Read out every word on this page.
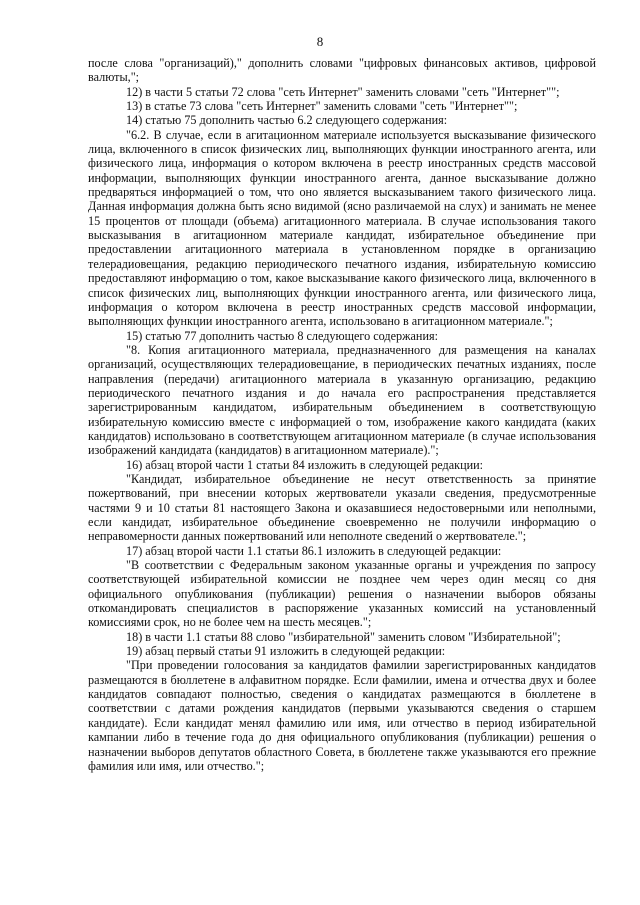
8

после слова "организаций)," дополнить словами "цифровых финансовых активов, цифровой валюты,";

12) в части 5 статьи 72 слова "сеть Интернет" заменить словами "сеть "Интернет"";

13) в статье 73 слова "сеть Интернет" заменить словами "сеть "Интернет"";

14) статью 75 дополнить частью 6.2 следующего содержания:

"6.2. В случае, если в агитационном материале используется высказывание физического лица, включенного в список физических лиц, выполняющих функции иностранного агента, или физического лица, информация о котором включена в реестр иностранных средств массовой информации, выполняющих функции иностранного агента, данное высказывание должно предваряться информацией о том, что оно является высказыванием такого физического лица. Данная информация должна быть ясно видимой (ясно различаемой на слух) и занимать не менее 15 процентов от площади (объема) агитационного материала. В случае использования такого высказывания в агитационном материале кандидат, избирательное объединение при предоставлении агитационного материала в установленном порядке в организацию телерадиовещания, редакцию периодического печатного издания, избирательную комиссию предоставляют информацию о том, какое высказывание какого физического лица, включенного в список физических лиц, выполняющих функции иностранного агента, или физического лица, информация о котором включена в реестр иностранных средств массовой информации, выполняющих функции иностранного агента, использовано в агитационном материале.";

15) статью 77 дополнить частью 8 следующего содержания:

"8. Копия агитационного материала, предназначенного для размещения на каналах организаций, осуществляющих телерадиовещание, в периодических печатных изданиях, после направления (передачи) агитационного материала в указанную организацию, редакцию периодического печатного издания и до начала его распространения представляется зарегистрированным кандидатом, избирательным объединением в соответствующую избирательную комиссию вместе с информацией о том, изображение какого кандидата (каких кандидатов) использовано в соответствующем агитационном материале (в случае использования изображений кандидата (кандидатов) в агитационном материале).";

16) абзац второй части 1 статьи 84 изложить в следующей редакции:

"Кандидат, избирательное объединение не несут ответственность за принятие пожертвований, при внесении которых жертвователи указали сведения, предусмотренные частями 9 и 10 статьи 81 настоящего Закона и оказавшиеся недостоверными или неполными, если кандидат, избирательное объединение своевременно не получили информацию о неправомерности данных пожертвований или неполноте сведений о жертвователе.";

17) абзац второй части 1.1 статьи 86.1 изложить в следующей редакции:

"В соответствии с Федеральным законом указанные органы и учреждения по запросу соответствующей избирательной комиссии не позднее чем через один месяц со дня официального опубликования (публикации) решения о назначении выборов обязаны откомандировать специалистов в распоряжение указанных комиссий на установленный комиссиями срок, но не более чем на шесть месяцев.";

18) в части 1.1 статьи 88 слово "избирательной" заменить словом "Избирательной";

19) абзац первый статьи 91 изложить в следующей редакции:

"При проведении голосования за кандидатов фамилии зарегистрированных кандидатов размещаются в бюллетене в алфавитном порядке. Если фамилии, имена и отчества двух и более кандидатов совпадают полностью, сведения о кандидатах размещаются в бюллетене в соответствии с датами рождения кандидатов (первыми указываются сведения о старшем кандидате). Если кандидат менял фамилию или имя, или отчество в период избирательной кампании либо в течение года до дня официального опубликования (публикации) решения о назначении выборов депутатов областного Совета, в бюллетене также указываются его прежние фамилия или имя, или отчество.";
